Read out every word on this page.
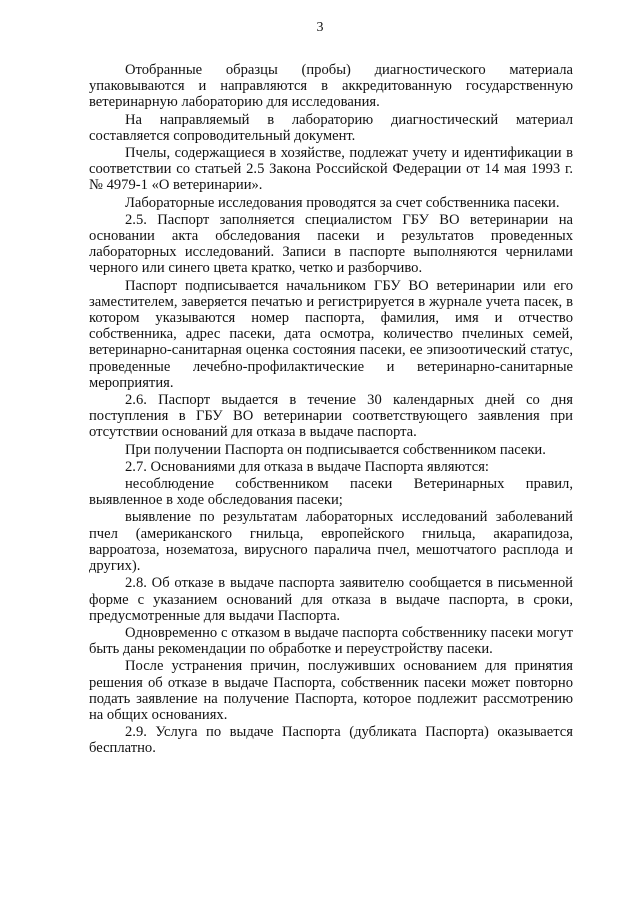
3

Отобранные образцы (пробы) диагностического материала упаковываются и направляются в аккредитованную государственную ветеринарную лабораторию для исследования.

На направляемый в лабораторию диагностический материал составляется сопроводительный документ.

Пчелы, содержащиеся в хозяйстве, подлежат учету и идентификации в соответствии со статьей 2.5 Закона Российской Федерации от 14 мая 1993 г. № 4979-1 «О ветеринарии».

Лабораторные исследования проводятся за счет собственника пасеки.

2.5. Паспорт заполняется специалистом ГБУ ВО ветеринарии на основании акта обследования пасеки и результатов проведенных лабораторных исследований. Записи в паспорте выполняются чернилами черного или синего цвета кратко, четко и разборчиво.

Паспорт подписывается начальником ГБУ ВО ветеринарии или его заместителем, заверяется печатью и регистрируется в журнале учета пасек, в котором указываются номер паспорта, фамилия, имя и отчество собственника, адрес пасеки, дата осмотра, количество пчелиных семей, ветеринарно-санитарная оценка состояния пасеки, ее эпизоотический статус, проведенные лечебно-профилактические и ветеринарно-санитарные мероприятия.

2.6. Паспорт выдается в течение 30 календарных дней со дня поступления в ГБУ ВО ветеринарии соответствующего заявления при отсутствии оснований для отказа в выдаче паспорта.

При получении Паспорта он подписывается собственником пасеки.

2.7. Основаниями для отказа в выдаче Паспорта являются:

несоблюдение собственником пасеки Ветеринарных правил, выявленное в ходе обследования пасеки;

выявление по результатам лабораторных исследований заболеваний пчел (американского гнильца, европейского гнильца, акарапидоза, варроатоза, нозематоза, вирусного паралича пчел, мешотчатого расплода и других).

2.8. Об отказе в выдаче паспорта заявителю сообщается в письменной форме с указанием оснований для отказа в выдаче паспорта, в сроки, предусмотренные для выдачи Паспорта.

Одновременно с отказом в выдаче паспорта собственнику пасеки могут быть даны рекомендации по обработке и переустройству пасеки.

После устранения причин, послуживших основанием для принятия решения об отказе в выдаче Паспорта, собственник пасеки может повторно подать заявление на получение Паспорта, которое подлежит рассмотрению на общих основаниях.

2.9. Услуга по выдаче Паспорта (дубликата Паспорта) оказывается бесплатно.
